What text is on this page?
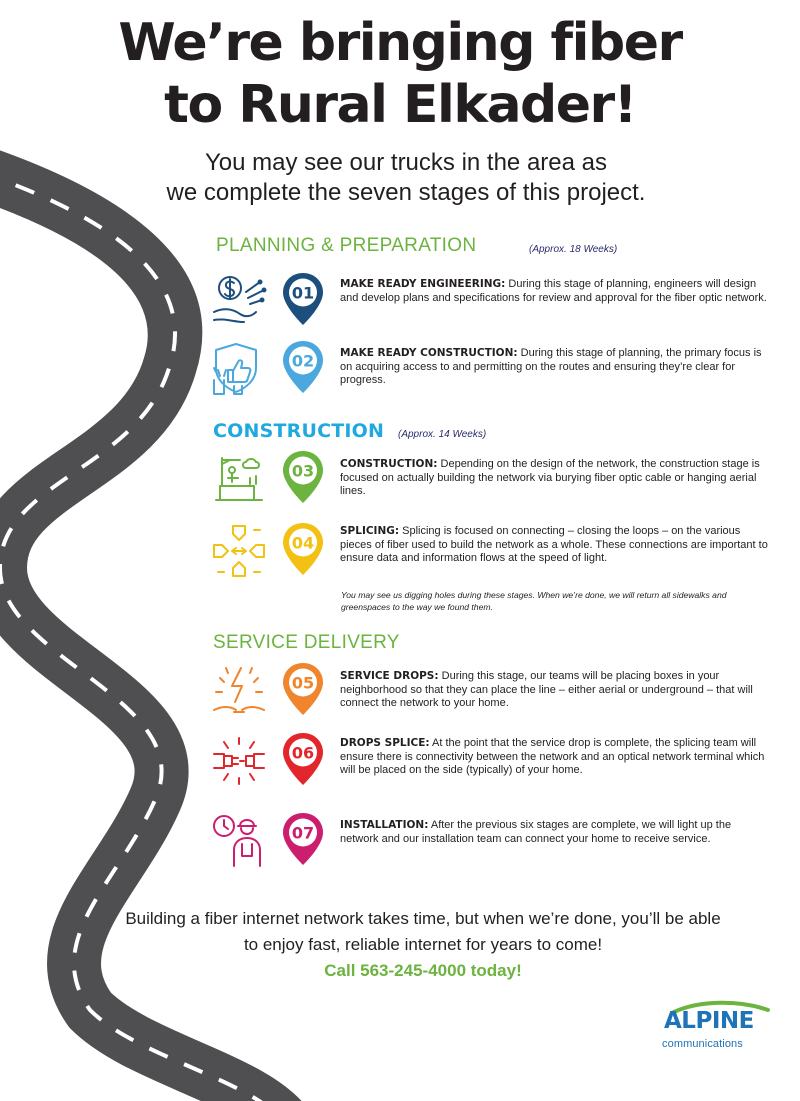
We’re bringing fiber
to Rural Elkader!
You may see our trucks in the area as
we complete the seven stages of this project.
PLANNING & PREPARATION	(Approx. 18 Weeks)
CONSTRUCTION (Approx. 14 Weeks)
SERVICE DELIVERY
01 MAKE READY ENGINEERING: During this stage of planning, engineers will design and develop plans and specifications for review and approval for the fiber optic network.
02 MAKE READY CONSTRUCTION: During this stage of planning, the primary focus is on acquiring access to and permitting on the routes and ensuring they’re clear for progress.
03 CONSTRUCTION: Depending on the design of the network, the construction stage is focused on actually building the network via burying fiber optic cable or hanging aerial lines.
04
SPLICING: Splicing is focused on connecting – closing the loops – on the various pieces of fiber used to build the network as a whole. These connections are important to ensure data and information flows at the speed of light.
You may see us digging holes during these stages. When we’re done, we will return all sidewalks and greenspaces to the way we found them.
05 SERVICE DROPS: During this stage, our teams will be placing boxes in your neighborhood so that they can place the line – either aerial or underground – that will connect the network to your home.
06
DROPS SPLICE: At the point that the service drop is complete, the splicing team will ensure there is connectivity between the network and an optical network terminal which will be placed on the side (typically) of your home.
07 INSTALLATION: After the previous six stages are complete, we will light up the network and our installation team can connect your home to receive service.
Building a fiber internet network takes time, but when we’re done, you’ll be able
to enjoy fast, reliable internet for years to come!
Call 563-245-4000 today!
ALPINE
communications
